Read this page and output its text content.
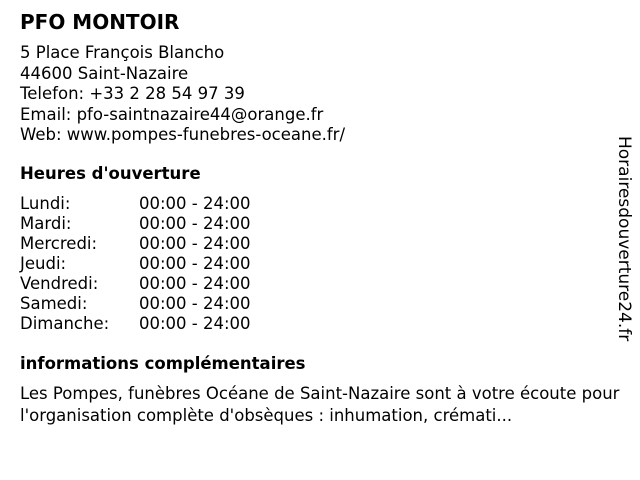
PFO MONTOIR
5 Place François Blancho
44600 Saint-Nazaire
Telefon: +33 2 28 54 97 39
Email: pfo-saintnazaire44@orange.fr
Web: www.pompes-funebres-oceane.fr/
Heures d'ouverture
Lundi:	00:00 - 24:00
Mardi:	00:00 - 24:00
Mercredi:	00:00 - 24:00
Jeudi:	00:00 - 24:00
Vendredi:	00:00 - 24:00
Samedi:	00:00 - 24:00
Dimanche:	00:00 - 24:00
informations complémentaires
Les Pompes, funèbres Océane de Saint-Nazaire sont à votre écoute pour l'organisation complète d'obsèques : inhumation, crémati...
Horairesdouverture24.fr
